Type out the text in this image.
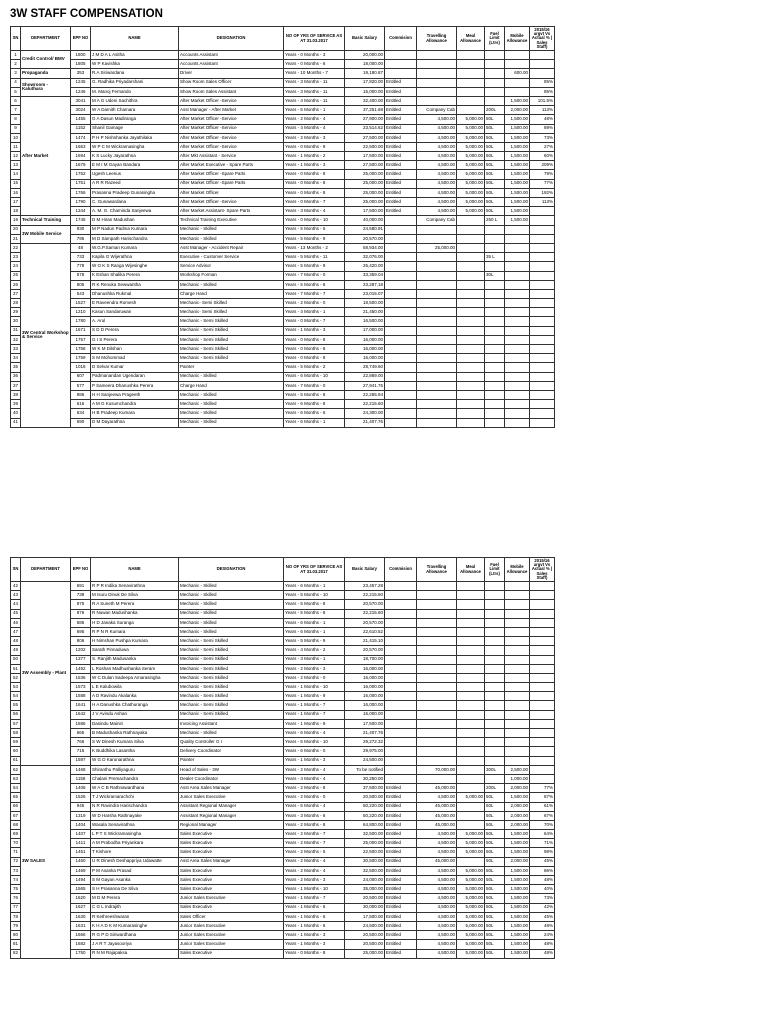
3W STAFF COMPENSATION
SN	DEPARTMENT	EPF NO	NAME	DESIGNATION	NO OF YRS OF SERVICE AS AT 31.03.2017	Basic Salary	Commision	Travelling Allowance	Meal Allowance	Fuel Limit (Ltrs)	Mobile Allowance	2015/16 argvt Vs Actual % ( Sales Staff)
1	Credit Control/ BMV	1800	J M D A L Asitha	Accounts Assistant	Years - 0 Months - 3	20,000.00						
2		1805	W P Kavishka	Accounts Assistant	Years - 0 Months - 6	18,000.00						
3	Propaganda	353	R.A Siriwardana	Driver	Years - 10 Months - 7	19,180.87					600.00	
4	Showroom - Kaluthara	1245	G. Radhika Priyadarshani	Show Room Sales Officer	Years - 3 Months - 11	17,820.00	Entitled					85%
5		1246	M. Manoj Fernando	Show Room Sales Assistant	Years - 3 Months - 11	15,000.00	Entitled					85%
6	After Market	3041	M A G Udeni Sachithra	After Market Officer -Service	Years - 4 Months - 11	32,400.00	Entitled				1,500.00	101.5%
7		3024	W A Damith Chamara	Asst Manager - After Market	Years - 5 Months - 1	37,251.68	Entitled	Company Cab		200L	2,000.00	113%
8		1455	G A Dasun Madiranga	After Market Officer -Service	Years - 2 Months - 4	27,900.00	Entitled	4,500.00	5,000.00	50L	1,500.00	48%
9		1152	Shanil Gamage	After Market Officer -Service	Years - 4 Months - 4	23,514.62	Entitled	4,500.00	5,000.00	50L	1,500.00	89%
10		1474	P H P Nishshanka Jayathilaka	After Market Officer -Service	Years - 2 Months - 3	27,500.00	Entitled	4,500.00	5,000.00	50L	1,500.00	73%
11		1663	W P C M Wickramasingha	After Market Officer -Service	Years - 0 Months - 9	22,500.00	Entitled	4,500.00	5,000.00	50L	1,500.00	27%
12		1694	K S Lucky Jayarathna	After Mkt Assistant - Service	Years - 1 Months - 2	17,500.00	Entitled	4,500.00	5,000.00	50L	1,500.00	60%
13		1679	E M I M Gayan Bandara	After Market Executive - Spare Parts	Years - 1 Months - 3	27,500.00	Entitled	4,500.00	5,000.00	50L	1,500.00	209%
14		1752	Ugesh Leenus	After Market Officer -Spare Parts	Years - 0 Months - 8	25,000.00	Entitled	4,500.00	5,000.00	50L	1,500.00	79%
15		1751	A R R Razeed	After Market Officer -Spare Parts	Years - 0 Months - 8	25,000.00	Entitled	4,500.00	5,000.00	50L	1,500.00	77%
16		1766	Prasanna Pradeep Gunasingha	After Market Officer	Years - 0 Months - 8	25,000.00	Entitled	4,500.00	5,000.00	50L	1,500.00	192%
17		1790	C. Gunawardana	After Market Officer -Service	Years - 0 Months - 7	25,000.00	Entitled	4,500.00	5,000.00	50L	1,500.00	113%
18		1344	A. M. G. Chaminda Sanjeewa	After Market Assistant- Spare Parts	Years - 3 Months - 4	17,500.00	Entitled	4,500.00	5,000.00	50L	1,500.00	
19	Technical Training	1745	D M Hiran Madushan	Technical Training Executive	Years - 0 Months - 10	40,000.00		Company Cab		250 L	1,500.00	
20	3W Mobile Service	930	M P Nadun Padma Kumara	Mechanic - Skilled	Years - 5 Months - 5	24,580.91						
21		795	M D Sampath Harischandra	Mechanic - Skilled	Years - 5 Months - 9	20,570.00						
22	3W Central Workshop & Service	48	W.G.P.Saman Kumara	Asst Manager - Accident Repair	Years - 13 Months - 2	58,934.00		25,000.00				
23		733	Kapila G Wijerathna	Executive - Customer Service	Years - 5 Months - 11	32,076.00				35 L		
24		778	W O K S Ranga Wijesinghe	Service Advisor	Years - 5 Months - 9	26,420.00						
25		578	K Eshan Shalika Perera	Workshop Forman	Years - 7 Months - 0	33,359.04				30L		
26		805	R K Renuka Sewwantha	Mechanic - Skilled	Years - 5 Months - 8	23,287.18						
27		543	Dhanushka Rukmal	Charge Hand	Years - 7 Months - 7	23,015.07						
28		1527	E Raveendra Romesh	Mechanic- Semi Skilled	Years - 2 Months - 0	18,500.00						
29		1210	Kasun Sandaruwan	Mechanic- Semi Skilled	Years - 4 Months - 1	21,450.00						
30		1780	A. Arul	Mechanic - Semi Skilled	Years - 0 Months - 7	16,500.00						
31		1671	S D D Perera	Mechanic - Semi Skilled	Years - 1 Months - 3	17,000.00						
32		1757	G I S Perera	Mechanic - Semi Skilled	Years - 0 Months - 8	16,000.00						
33		1758	W K M Dilshan	Mechanic - Semi Skilled	Years - 0 Months - 8	16,000.00						
34		1759	S M Mohommad	Mechanic - Semi Skilled	Years - 0 Months - 8	16,000.00						
35		1018	D Selvar Kumar	Painter	Years - 5 Months - 2	28,749.60						
36		607	Padmanandan Ugendaran	Mechanic - Skilled	Years - 6 Months - 10	22,869.00						
37		577	P Sameera Dhanushka Perera	Charge Hand	Years - 7 Months - 0	27,941.76						
38		886	H H Sanjeewa Prageeth	Mechanic - Skilled	Years - 5 Months - 8	22,265.94						
39		616	A M G Kusumchandra	Mechanic - Skilled	Years - 6 Months - 8	22,215.60						
40		634	H B Pradeep Kumara	Mechanic - Skilled	Years - 6 Months - 6	24,300.00						
41		690	D M Dayarathna	Mechanic - Skilled	Years - 6 Months - 1	21,407.76						
SN	DEPARTMENT	EPF NO	NAME	DESIGNATION	NO OF YRS OF SERVICE AS AT 31.03.2017	Basic Salary	Commision	Travelling Allowance	Meal Allowance	Fuel Limit (Ltrs)	Mobile Allowance	2015/16 argvt Vs Actual % ( Sales Staff)
42	3W Assembly - Plant	691	R P R Indika Senavirathna	Mechanic - Skilled	Years - 6 Months - 1	23,457.28						
43		738	M Isuru Dinuk De Silva	Mechanic - Skilled	Years - 5 Months - 10	22,215.60						
44		875	R A Suneth M Perera	Mechanic - Skilled	Years - 5 Months - 8	20,570.00						
45		876	R Nuwan Madushanka	Mechanic - Skilled	Years - 5 Months - 8	22,215.60						
46		686	H D Janaka Suranga	Mechanic - Skilled	Years - 6 Months - 1	20,570.00						
47		695	R P N R Kumara	Mechanic - Skilled	Years - 6 Months - 1	22,610.52						
48		806	H Nimshan Pushpa Kumara	Mechanic - Semi Skilled	Years - 5 Months - 9	21,415.10						
49		1202	Sarath Pinnaduwa	Mechanic - Semi Skilled	Years - 4 Months - 2	20,570.00						
50		1377	S. Ranjith Madusanka	Mechanic - Semi Skilled	Years - 3 Months - 1	18,700.00						
51		1492	L Roshan Madhushanka Seram	Mechanic - Semi Skilled	Years - 2 Months - 3	16,000.00						
52		1536	W C Dulan Sadeepa Amarasingha	Mechanic - Semi Skilled	Years - 2 Months - 0	16,000.00						
53		1573	L E Kalubowila	Mechanic - Semi Skilled	Years - 1 Months - 10	16,000.00						
54		1588	A D Ravindu Akalanka	Mechanic - Semi Skilled	Years - 1 Months - 9	16,000.00						
55		1641	H A Danushka Chathuranga	Mechanic - Semi Skilled	Years - 1 Months - 7	16,000.00						
56		1642	J V Avindu Ashan	Mechanic - Semi Skilled	Years - 1 Months - 7	16,000.00						
57		1586	Dasindu Mainiri	Invoicing Assistant	Years - 1 Months - 9	17,500.00						
58		665	B Madushanka Rathnayaka	Mechanic - Skilled	Years - 6 Months - 4	21,407.76						
59		766	S W Dinesh Kumara Silva	Quality Controller G I	Years - 5 Months - 10	29,272.32						
60		715	K Buddhika Lasantha	Delivery Coordinator	Years - 6 Months - 0	29,975.00						
61		1597	W G D Karunarathna	Painter	Years - 1 Months - 3	24,500.00						
62	3W SALES	1468	Shiranthu Palliyaguru	Head of Sales - 3W	Years - 2 Months - 4	To be notified		70,000.00		300L	2,500.00	
63		1158	Chalani Premachandra	Dealer Coordinator	Years - 4 Months - 4	30,250.00					1,000.00	
64		1406	W A C B Rathnawardhana	Asst Area Sales Manager	Years - 2 Months - 8	37,500.00	Entitled	45,000.00		200L	2,000.00	77%
65		1526	T J Wickramarachchi	Junior Sales Executive	Years - 2 Months - 0	20,500.00	Entitled	4,500.00	5,000.00	50L	1,500.00	87%
66		945	N R Ravindra Harischandra	Assistant Regional Manager	Years - 5 Months - 4	50,220.00	Entitled	45,000.00		50L	2,000.00	61%
67		1319	W D Harsha Rathnayake	Assistant Regional Manager	Years - 3 Months - 6	50,220.00	Entitled	45,000.00		50L	2,000.00	67%
68		1404	Wasala Senavirathna	Regional Manager	Years - 2 Months - 8	64,800.00	Entitled	45,000.00		50L	2,000.00	70%
69		1407	L P T S Wickramasingha	Sales Executive	Years - 2 Months - 7	32,500.00	Entitled	4,500.00	5,000.00	50L	1,500.00	64%
70		1411	A M Prabodha Priyankara	Sales Executive	Years - 2 Months - 7	25,000.00	Entitled	4,500.00	5,000.00	50L	1,500.00	71%
71		1451	T Kishore	Sales Executive	Years - 2 Months - 5	22,500.00	Entitled	4,500.00	5,000.00	50L	1,500.00	98%
72		1460	U R Dinesh Deshappriya Udawatte	Asst Area Sales Manager	Years - 2 Months - 4	30,500.00	Entitled	45,000.00		50L	2,000.00	45%
73		1469	P M Asanka Prasad	Sales Executive	Years - 2 Months - 4	32,500.00	Entitled	4,500.00	5,000.00	50L	1,500.00	86%
74		1494	S M Gayan Asanka	Sales Executive	Years - 2 Months - 3	24,000.00	Entitled	4,500.00	5,000.00	50L	1,500.00	48%
75		1565	S H Prasanna De Silva	Sales Executive	Years - 1 Months - 10	35,000.00	Entitled	4,500.00	5,000.00	50L	1,500.00	40%
76		1620	M D M Perera	Junior Sales Executive	Years - 1 Months - 7	20,500.00	Entitled	4,500.00	5,000.00	50L	1,500.00	73%
77		1627	C G L Indrajith	Sales Executive	Years - 1 Months - 6	30,000.00	Entitled	4,500.00	5,000.00	50L	1,500.00	42%
78		1630	R Kethreeshwaran	Sales Officer	Years - 1 Months - 6	17,500.00	Entitled	4,500.00	5,000.00	50L	1,500.00	45%
79		1631	K H A D K M Kumarasinghe	Junior Sales Executive	Years - 1 Months - 6	24,500.00	Entitled	4,500.00	5,000.00	50L	1,500.00	48%
80		1666	R G P D Siriwardhana	Junior Sales Executive	Years - 1 Months - 3	20,500.00	Entitled	4,500.00	5,000.00	50L	1,500.00	24%
81		1682	J A R T Jayasooriya	Junior Sales Executive	Years - 1 Months - 3	20,500.00	Entitled	4,500.00	5,000.00	50L	1,500.00	48%
82		1750	R N M Rajapaksa	Sales Executive	Years - 0 Months - 8	25,000.00	Entitled	4,500.00	5,000.00	50L	1,500.00	48%
